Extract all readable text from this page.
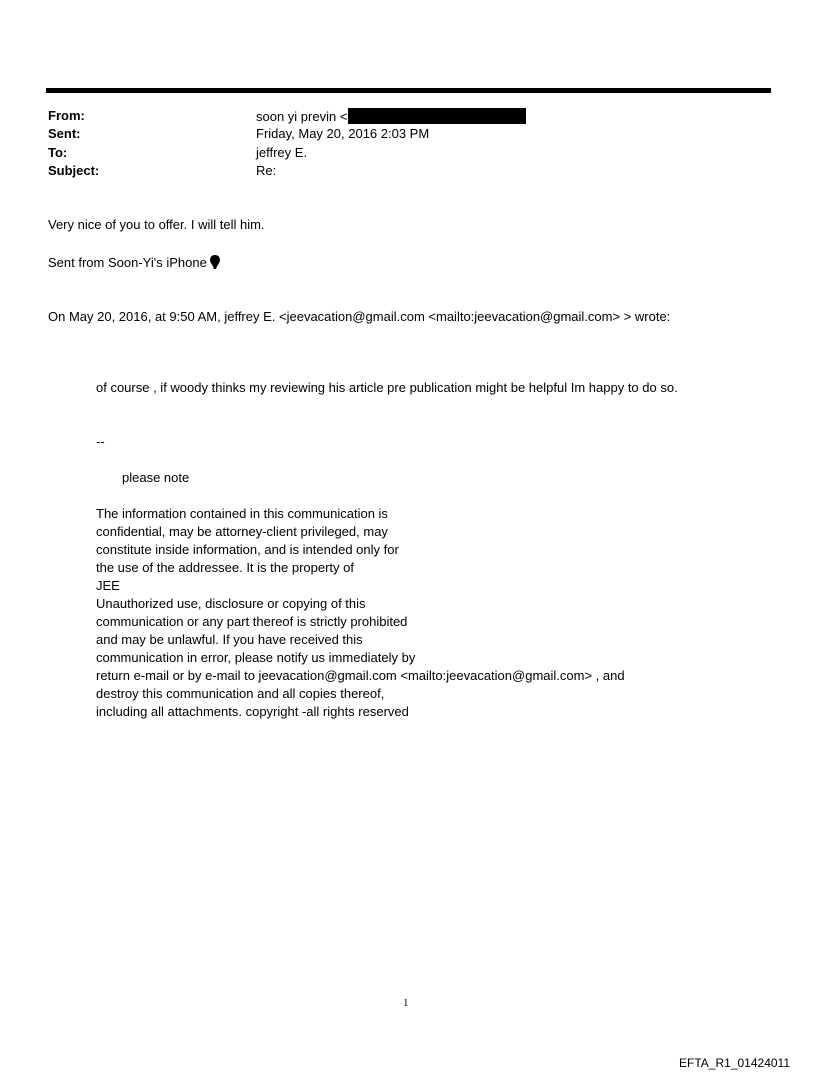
From:	soon yi previn <
Sent:	Friday, May 20, 2016 2:03 PM
To:	jeffrey E.
Subject:	Re:
Very nice of you to offer. I will tell him.
Sent from Soon-Yi's iPhone
On May 20, 2016, at 9:50 AM, jeffrey E. <jeevacation@gmail.com <mailto:jeevacation@gmail.com> > wrote:
of course , if woody thinks my reviewing his article pre publication might be helpful Im happy to do so.
--
please note
The information contained in this communication is
confidential, may be attorney-client privileged, may
constitute inside information, and is intended only for
the use of the addressee. It is the property of
JEE
Unauthorized use, disclosure or copying of this
communication or any part thereof is strictly prohibited
and may be unlawful. If you have received this
communication in error, please notify us immediately by
return e-mail or by e-mail to jeevacation@gmail.com <mailto:jeevacation@gmail.com> , and
destroy this communication and all copies thereof,
including all attachments. copyright -all rights reserved
1
EFTA_R1_01424011
